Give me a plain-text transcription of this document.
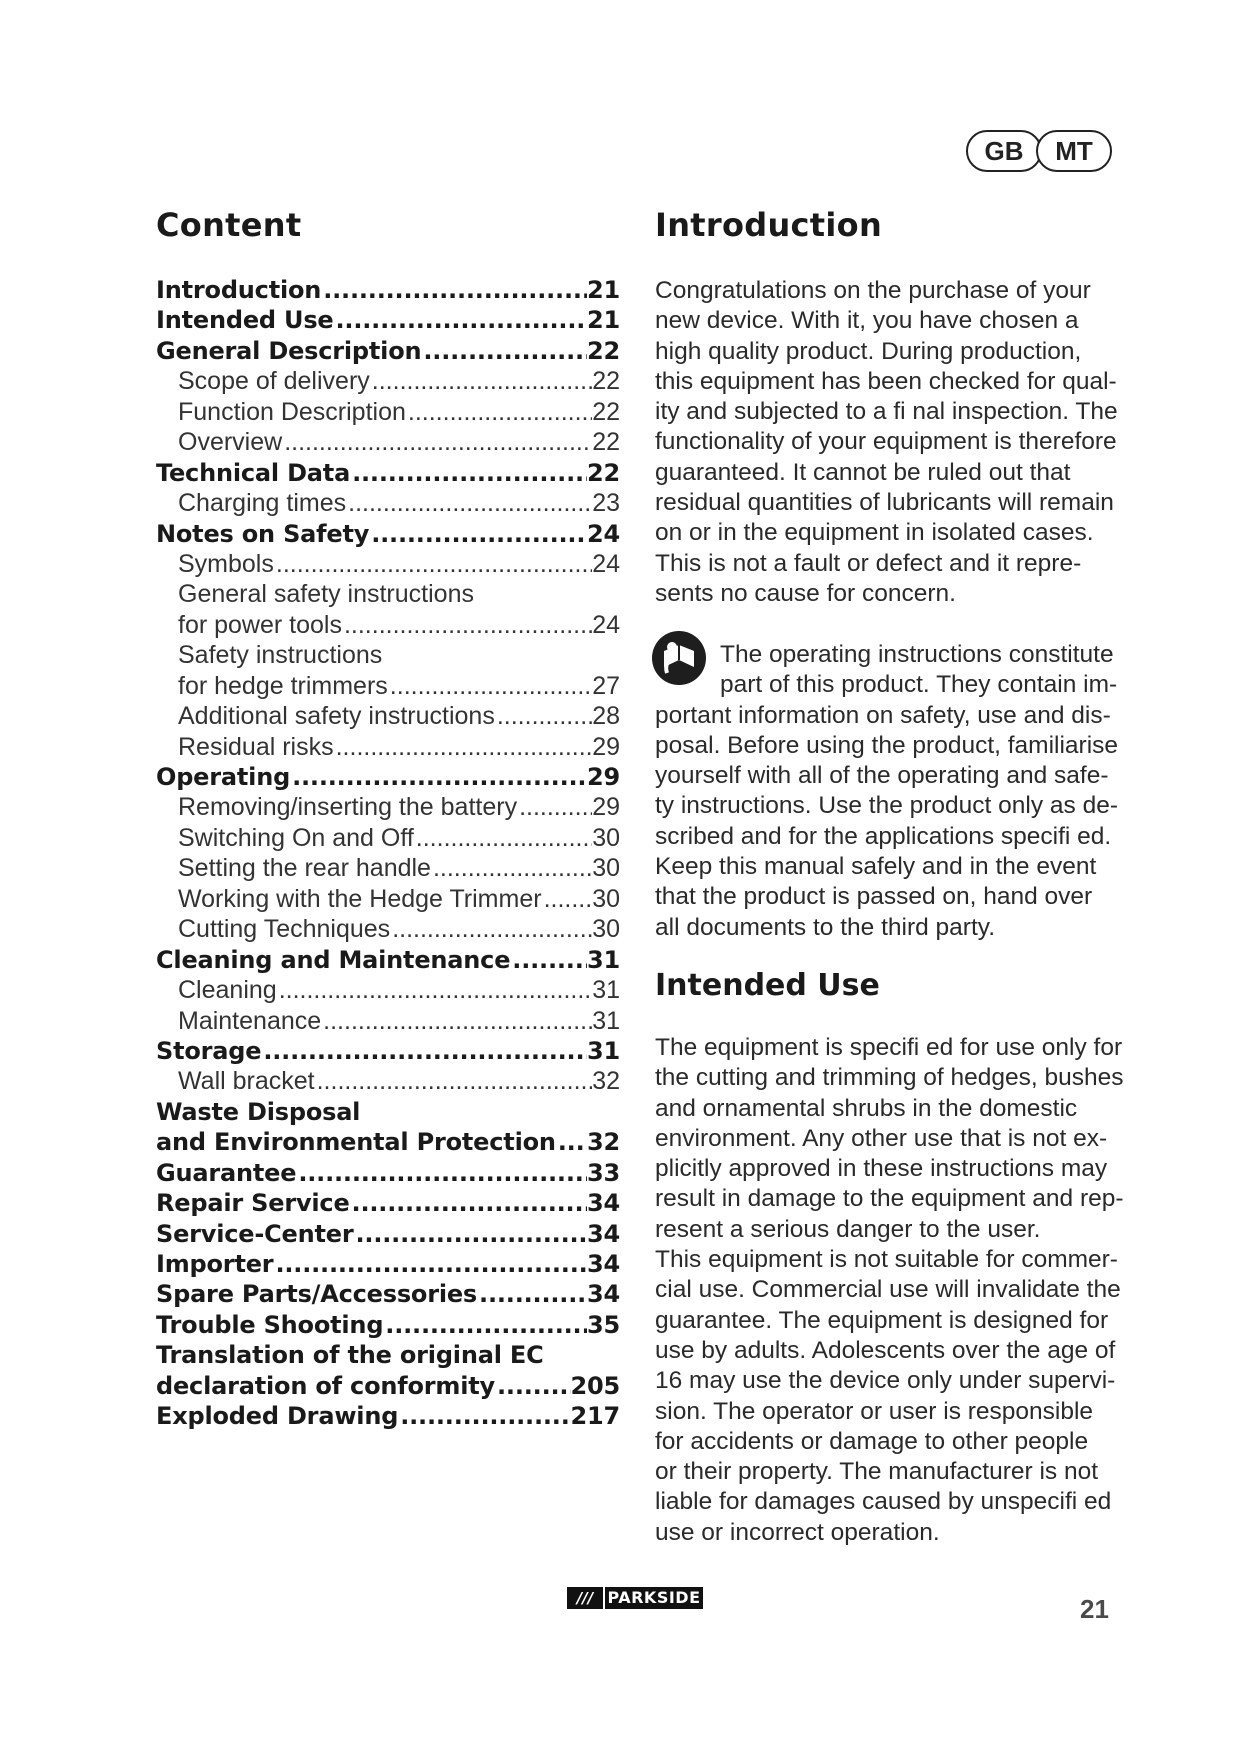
GB	MT
Content
Introduction .....	21
Intended Use .....	21
General Description .....	22
Scope of delivery .....	22
Function Description .....	22
Overview .....	22
Technical Data .....	22
Charging times .....	23
Notes on Safety .....	24
Symbols .....	24
General safety instructions
for power tools .....	24
Safety instructions
for hedge trimmers .....	27
Additional safety instructions .....	28
Residual risks .....	29
Operating .....	29
Removing/inserting the battery .....	29
Switching On and Off .....	30
Setting the rear handle .....	30
Working with the Hedge Trimmer ..... 30
Cutting Techniques .....	30
Cleaning and Maintenance .....	31
Cleaning .....	31
Maintenance .....	31
Storage .....	31
Wall bracket .....	32
Waste Disposal
and Environmental Protection ..... 32
Guarantee .....	33
Repair Service .....	34
Service-Center .....	34
Importer .....	34
Spare Parts/Accessories .....	34
Trouble Shooting .....	35
Translation of the original EC
declaration of conformity .....	205
Exploded Drawing .....	217
Introduction
Congratulations on the purchase of your
new device. With it, you have chosen a
high quality product. During production,
this equipment has been checked for qual-
ity and subjected to a fi nal inspection. The
functionality of your equipment is therefore
guaranteed. It cannot be ruled out that
residual quantities of lubricants will remain
on or in the equipment in isolated cases.
This is not a fault or defect and it repre-
sents no cause for concern.
The operating instructions constitute
part of this product. They contain im-
portant information on safety, use and dis-
posal. Before using the product, familiarise
yourself with all of the operating and safe-
ty instructions. Use the product only as de-
scribed and for the applications specifi ed.
Keep this manual safely and in the event
that the product is passed on, hand over
all documents to the third party.
Intended Use
The equipment is specifi ed for use only for
the cutting and trimming of hedges, bushes
and ornamental shrubs in the domestic
environment. Any other use that is not ex-
plicitly approved in these instructions may
result in damage to the equipment and rep-
resent a serious danger to the user.
This equipment is not suitable for commer-
cial use. Commercial use will invalidate the
guarantee. The equipment is designed for
use by adults. Adolescents over the age of
16 may use the device only under supervi-
sion. The operator or user is responsible
for accidents or damage to other people
or their property. The manufacturer is not
liable for damages caused by unspecifi ed
use or incorrect operation.
/// PARKSIDE	21
